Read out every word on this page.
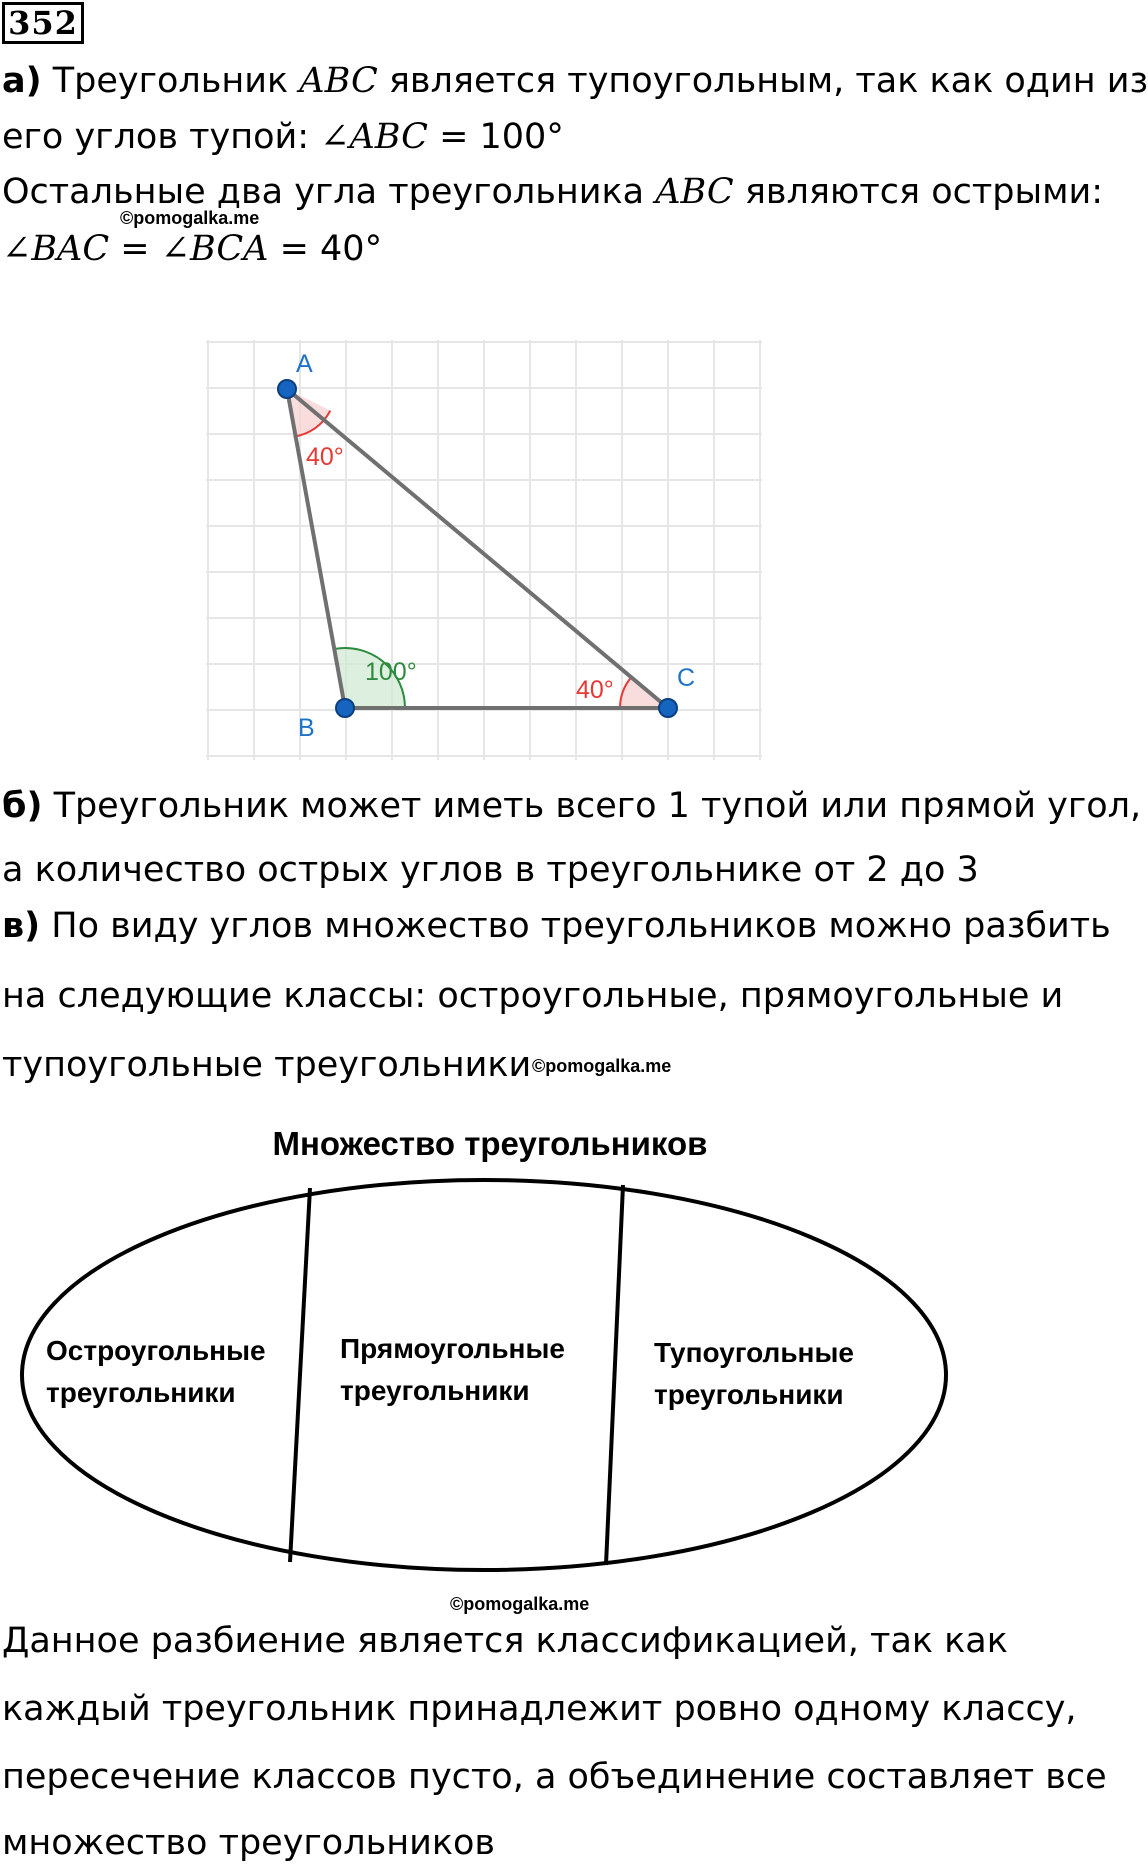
352
а) Треугольник ABC является тупоугольным, так как один из
его углов тупой: ∠ABC = 100°
Остальные два угла треугольника ABC являются острыми:
©pomogalka.me
∠BAC = ∠BCA = 40°
A
B
C
40°
100°
40°
б) Треугольник может иметь всего 1 тупой или прямой угол,
а количество острых углов в треугольнике от 2 до 3
в) По виду углов множество треугольников можно разбить
на следующие классы: остроугольные, прямоугольные и
тупоугольные треугольники ©pomogalka.me
Множество треугольников
Остроугольные
треугольники
Прямоугольные
треугольники
Тупоугольные
треугольники
©pomogalka.me
Данное разбиение является классификацией, так как
каждый треугольник принадлежит ровно одному классу,
пересечение классов пусто, а объединение составляет все
множество треугольников
